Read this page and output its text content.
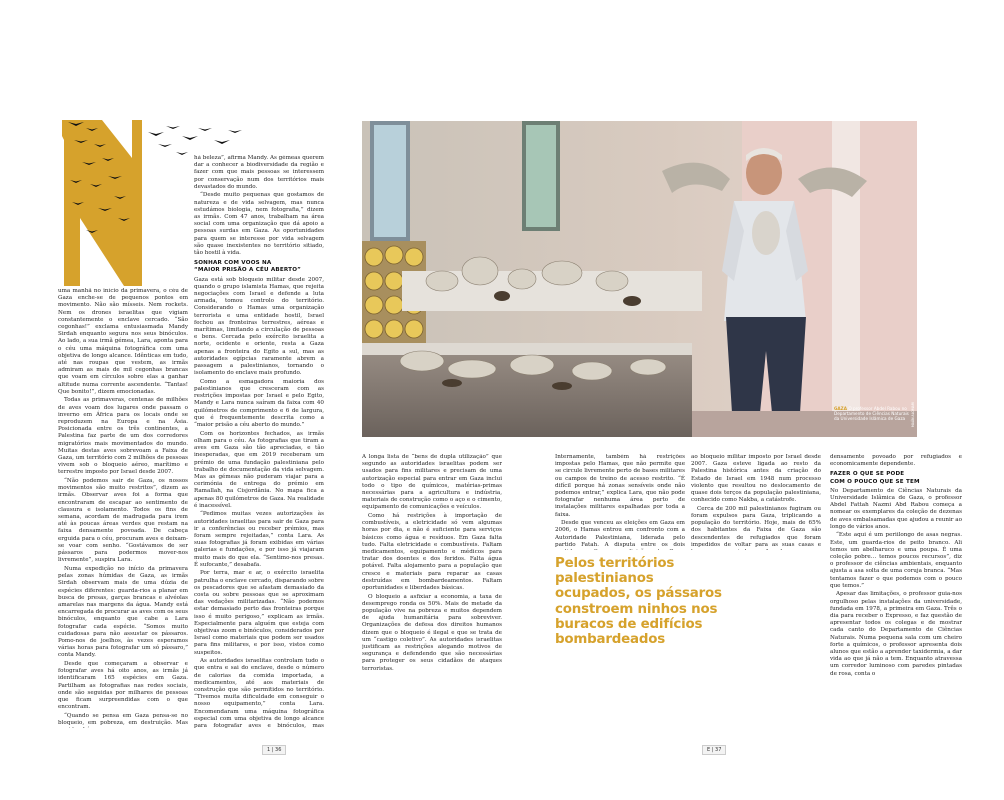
uma manhã no início da primavera, o céu de Gaza enche-se de pequenos pontos em movimento. Não são mísseis. Nem rockets. Nem os drones israelitas que vigiam constantemente o enclave cercado. “São cegonhas!” exclama entusiasmada Mandy Sirdah enquanto segura nos seus binóculos. Ao lado, a sua irmã gémea, Lara, aponta para o céu uma máquina fotográfica com uma objetiva de longo alcance. Idênticas em tudo, até nas roupas que vestem, as irmãs admiram as mais de mil cegonhas brancas que voam em círculos sobre elas a ganhar altitude numa corrente ascendente. “Tantas! Que bonito!”, dizem emocionadas.

Todas as primaveras, centenas de milhões de aves voam dos lugares onde passam o inverno em África para os locais onde se reproduzem na Europa e na Ásia. Posicionada entre os três continentes, a Palestina faz parte de um dos corredores migratórios mais movimentados do mundo. Muitas destas aves sobrevoam a Faixa de Gaza, um território com 2 milhões de pessoas vivem sob o bloqueio aéreo, marítimo e terrestre imposto por Israel desde 2007.

“Não podemos sair de Gaza, os nossos movimentos são muito restritos”, dizem as irmãs. Observar aves foi a forma que encontraram de escapar ao sentimento de clausura e isolamento. Todos os fins de semana, acordam de madrugada para irem até às poucas áreas verdes que restam na faixa densamente povoada. De cabeça erguida para o céu, procuram aves e deixam-se voar com senho. “Gostávamos de ser pássaros para podermos mover-nos livremente”, suspira Lara.

Numa expedição no início da primavera pelas zonas húmidas de Gaza, as irmãs Sirdah observam mais de uma dúzia de espécies diferentes: guarda-rios a planar em busca de presas, garças brancas e alvéolas amarelas nas margens da água. Mandy está encarregada de procurar as aves com os seus binóculos, enquanto que cabe a Lara fotografar cada espécie. “Somos muito cuidadosas para não assustar os pássaros. Pomo-nos de joelhos, às vezes esperamos várias horas para fotografar um só pássaro,” conta Mandy.

Desde que começaram a observar e fotografar aves há oito anos, as irmãs já identificaram 165 espécies em Gaza. Partilham as fotografias nas redes sociais, onde são seguidas por milhares de pessoas que ficam surpreendidas com o que encontram.

“Quando se pensa em Gaza pensa-se no bloqueio, em pobreza, em destruição. Mas

há beleza”, afirma Mandy. As gémeas querem dar a conhecer a biodiversidade da região e fazer com que mais pessoas se interessem por conservação num dos territórios mais devastados do mundo.

“Desde muito pequenas que gostamos de natureza e de vida selvagem, mas nunca estudámos biologia, nem fotografia,” dizem as irmãs. Com 47 anos, trabalham na área social com uma organização que dá apoio a pessoas surdas em Gaza. As oportunidades para quem se interesse por vida selvagem são quase inexistentes no território sitiado, tão hostil à vida.

SONHAR COM VOOS NA
“MAIOR PRISÃO A CÉU ABERTO”

Gaza está sob bloqueio militar desde 2007, quando o grupo islamista Hamas, que rejeita negociações com Israel e defende a luta armada, tomou controlo do território. Considerando o Hamas uma organização terrorista e uma entidade hostil, Israel fechou as fronteiras terrestres, aéreas e marítimas, limitando a circulação de pessoas e bens. Cercada pelo exército israelita a norte, ocidente e oriente, resta a Gaza apenas a fronteira do Egito a sul, mas as autoridades egípcias raramente abrem a passagem a palestinianos, tornando o isolamento do enclave mais profundo.

Como a esmagadora maioria dos palestinianos que cresceram com as restrições impostas por Israel e pelo Egito, Mandy e Lara nunca saíram da faixa com 40 quilómetros de comprimento e 6 de largura, que é frequentemente descrita como a “maior prisão a céu aberto do mundo.”

Com os horizontes fechados, as irmãs olham para o céu. As fotografias que tiram a aves em Gaza são tão apreciadas, e tão inesperadas, que em 2019 receberam um prémio de uma fundação palestiniana pelo trabalho de documentação da vida selvagem. Mas as gémeas não puderam viajar para a cerimónia de entrega do prémio em Ramallah, na Cisjordânia. No mapa fica a apenas 80 quilómetros de Gaza. Na realidade é inacessível.

“Pedimos muitas vezes autorizações às autoridades israelitas para sair de Gaza para ir a conferências ou receber prémios, mas foram sempre rejeitadas,” conta Lara. As suas fotografias já foram exibidas em várias galerias e fundações, e por isso já viajaram muito mais do que ela. “Sentimo-nos presas. É sufocante,” desabafa.

Por terra, mar e ar, o exército israelita patrulha o enclave cercado, disparando sobre os pescadores que se afastam demasiado da costa ou sobre pessoas que se aproximam das vedações militarizadas. “Não podemos estar demasiado perto das fronteiras porque isso é muito perigoso,” explicam as irmãs. Especialmente para alguém que esteja com objetivas zoom e binóculos, considerados por Israel como materiais que podem ser usados para fins militares, e por isso, vistos como suspeitos.

As autoridades israelitas controlam tudo o que entra e sai do enclave, desde o número de calorias da comida importada, a medicamentos, até aos materiais de construção que são permitidos no território. “Tivemos muita dificuldade em conseguir o nosso equipamento,” conta Lara. Encomendaram uma máquina fotográfica especial com uma objetiva de longo alcance para fotografar aves e binóculos, mas

1 | 36
MAÂN ALOMARI
GAZA O professor Abdel Rabou no Departamento de Ciências Naturais da Universidade Islâmica de Gaza

A longa lista de “bens de dupla utilização” que segundo as autoridades israelitas podem ser usados para fins militares e precisam de uma autorização especial para entrar em Gaza inclui todo o tipo de químicos, matérias-primas necessárias para a agricultura e indústria, materiais de construção como o aço e o cimento, equipamento de comunicações e veículos.

Como há restrições à importação de combustíveis, a eletricidade só vem algumas horas por dia, e não é suficiente para serviços básicos como água e resíduos. Em Gaza falta tudo. Falta eletricidade e combustíveis. Faltam medicamentos, equipamento e médicos para tratar dos doentes e dos feridos. Falta água potável. Falta alojamento para a população que cresce e materiais para reparar as casas destruídas em bombardeamentos. Faltam oportunidades e liberdades básicas.

O bloqueio a asfixiar a economia, a taxa de desemprego ronda os 50%. Mais de metade da população vive na pobreza e muitos dependem de ajuda humanitária para sobreviver. Organizações de defesa dos direitos humanos dizem que o bloqueio é ilegal e que se trata de um “castigo coletivo”. As autoridades israelitas justificam as restrições alegando motivos de segurança e defendendo que são necessárias para proteger os seus cidadãos de ataques terroristas.

Internamente, também há restrições impostas pelo Hamas, que não permite que se circule livremente perto de bases militares ou campos de treino de acesso restrito. “É difícil porque há zonas sensíveis onde não podemos entrar,” explica Lara, que não pode fotografar nenhuma área perto de instalações militares espalhadas por toda a faixa.

Desde que venceu as eleições em Gaza em 2006, o Hamas entrou em confronto com a Autoridade Palestiniana, liderada pelo partido Fatah. A disputa entre os dois

ao bloqueio militar imposto por Israel desde 2007. Gaza esteve ligada ao resto da Palestina histórica antes da criação do Estado de Israel em 1948 num processo violento que resultou no deslocamento de quase dois terços da população palestiniana, conhecido como Nakba, a catástrofe.

Cerca de 200 mil palestinianos fugiram ou foram expulsos para Gaza, triplicando a população do território. Hoje, mais de 65% dos habitantes da Faixa de Gaza são descendentes de refugiados que foram impedidos de voltar para as suas casas e

densamente povoado por refugiados e economicamente dependente.

FAZER O QUE SE PODE
COM O POUCO QUE SE TEM

No Departamento de Ciências Naturais da Universidade Islâmica de Gaza, o professor Abdel Fattah Nazmi Abd Rabou começa a nomear os exemplares da coleção de dezenas de aves embalsamadas que ajudou a reunir ao longo de vários anos.

“Este aqui é um periilongo de asas negras. Este, um guarda-rios de peito branco. Ali temos um abelharuco e uma poupa. É uma coleção pobre… temos poucos recursos”, diz o professor de ciências ambientais, enquanto ajusta a asa solta de uma coruja branca. “Mas tentamos fazer o que podemos com o pouco que temos.”

Apesar das limitações, o professor guia-nos orgulhoso pelas instalações da universidade, fundada em 1978, a primeira em Gaza. Três o dia para receber o Expresso, e faz questão de apresentar todos os colegas e de mostrar cada canto do Departamento de Ciências Naturais. Numa pequena sala com um cheiro forte a químicos, o professor apresenta dois alunos que estão a aprender taxidermia, a dar vida ao que já não a tem. Enquanto atravessa um corredor luminoso com paredes pintadas de rosa, conta o

E | 37
Pelos territórios palestinianos ocupados, os pássaros constroem ninhos nos buracos de edifícios bombardeados
